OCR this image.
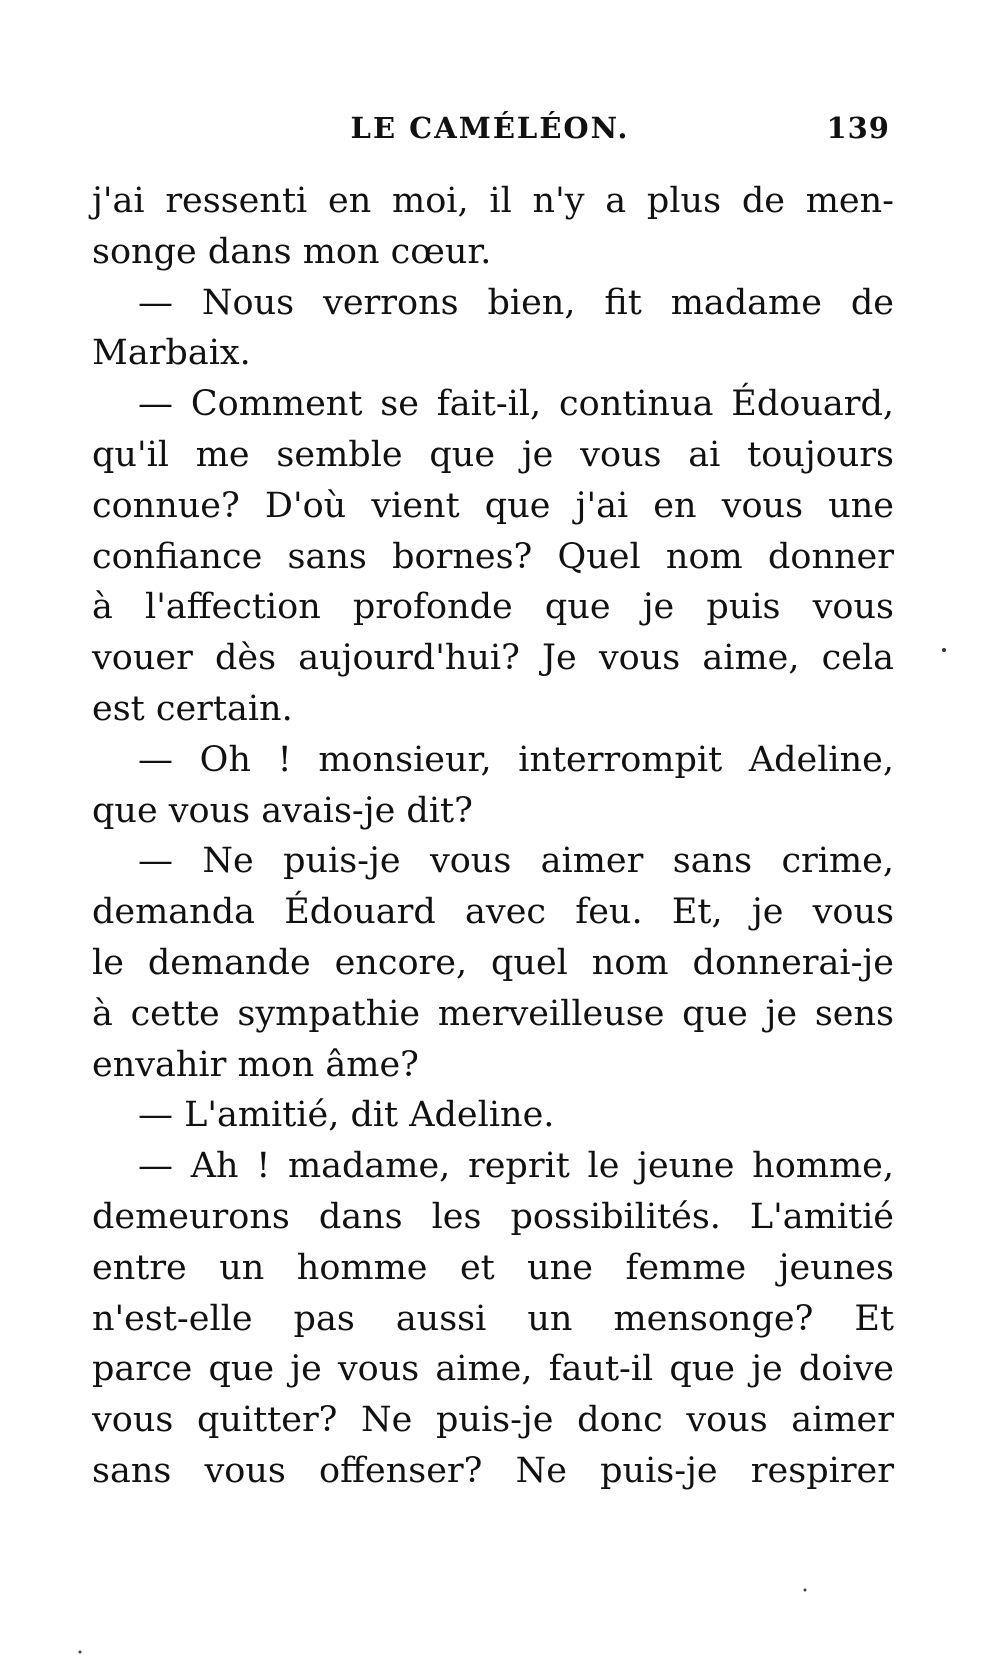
LE CAMÉLÉON.	139
j'ai ressenti en moi, il n'y a plus de men-
songe dans mon cœur.
— Nous verrons bien, fit madame de
Marbaix.
— Comment se fait-il, continua Édouard,
qu'il me semble que je vous ai toujours
connue? D'où vient que j'ai en vous une
confiance sans bornes? Quel nom donner
à l'affection profonde que je puis vous
vouer dès aujourd'hui? Je vous aime, cela
est certain.
— Oh ! monsieur, interrompit Adeline,
que vous avais-je dit?
— Ne puis-je vous aimer sans crime,
demanda Édouard avec feu. Et, je vous
le demande encore, quel nom donnerai-je
à cette sympathie merveilleuse que je sens
envahir mon âme?
— L'amitié, dit Adeline.
— Ah ! madame, reprit le jeune homme,
demeurons dans les possibilités. L'amitié
entre un homme et une femme jeunes
n'est-elle pas aussi un mensonge? Et
parce que je vous aime, faut-il que je doive
vous quitter? Ne puis-je donc vous aimer
sans vous offenser? Ne puis-je respirer
